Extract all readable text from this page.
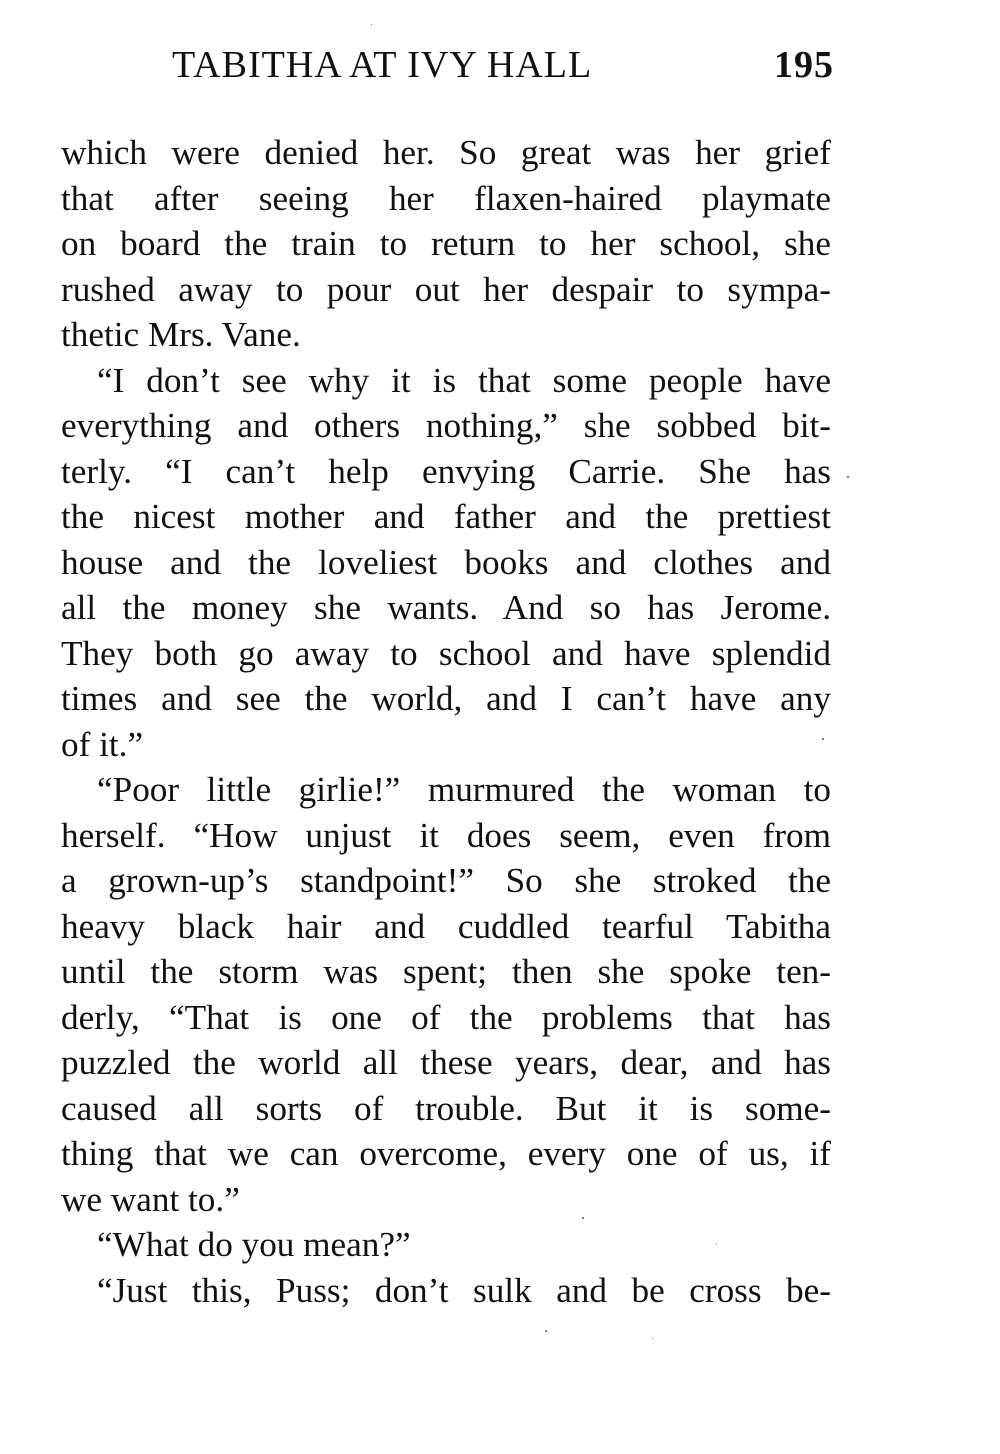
TABITHA AT IVY HALL	195
which were denied her. So great was her grief
that after seeing her flaxen-haired playmate
on board the train to return to her school, she
rushed away to pour out her despair to sympa-
thetic Mrs. Vane.
“I don’t see why it is that some people have
everything and others nothing,” she sobbed bit-
terly. “I can’t help envying Carrie. She has
the nicest mother and father and the prettiest
house and the loveliest books and clothes and
all the money she wants. And so has Jerome.
They both go away to school and have splendid
times and see the world, and I can’t have any
of it.”
“Poor little girlie!” murmured the woman to
herself. “How unjust it does seem, even from
a grown-up’s standpoint!” So she stroked the
heavy black hair and cuddled tearful Tabitha
until the storm was spent; then she spoke ten-
derly, “That is one of the problems that has
puzzled the world all these years, dear, and has
caused all sorts of trouble. But it is some-
thing that we can overcome, every one of us, if
we want to.”
“What do you mean?”
“Just this, Puss; don’t sulk and be cross be-
